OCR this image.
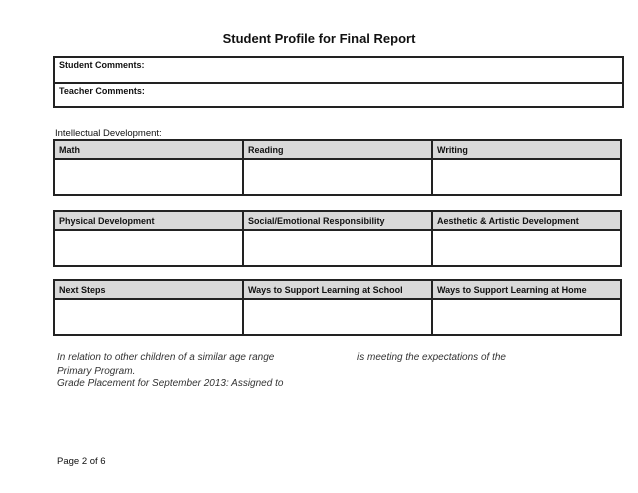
Student Profile for Final Report
Student Comments:
Teacher Comments:
Intellectual Development:
Math	Reading	Writing

Physical Development	Social/Emotional Responsibility	Aesthetic & Artistic Development

Next Steps	Ways to Support Learning at School	Ways to Support Learning at Home

In relation to other children of a similar age range	is meeting the expectations of the
Primary Program.
Grade Placement for September 2013: Assigned to
Page 2 of 6
